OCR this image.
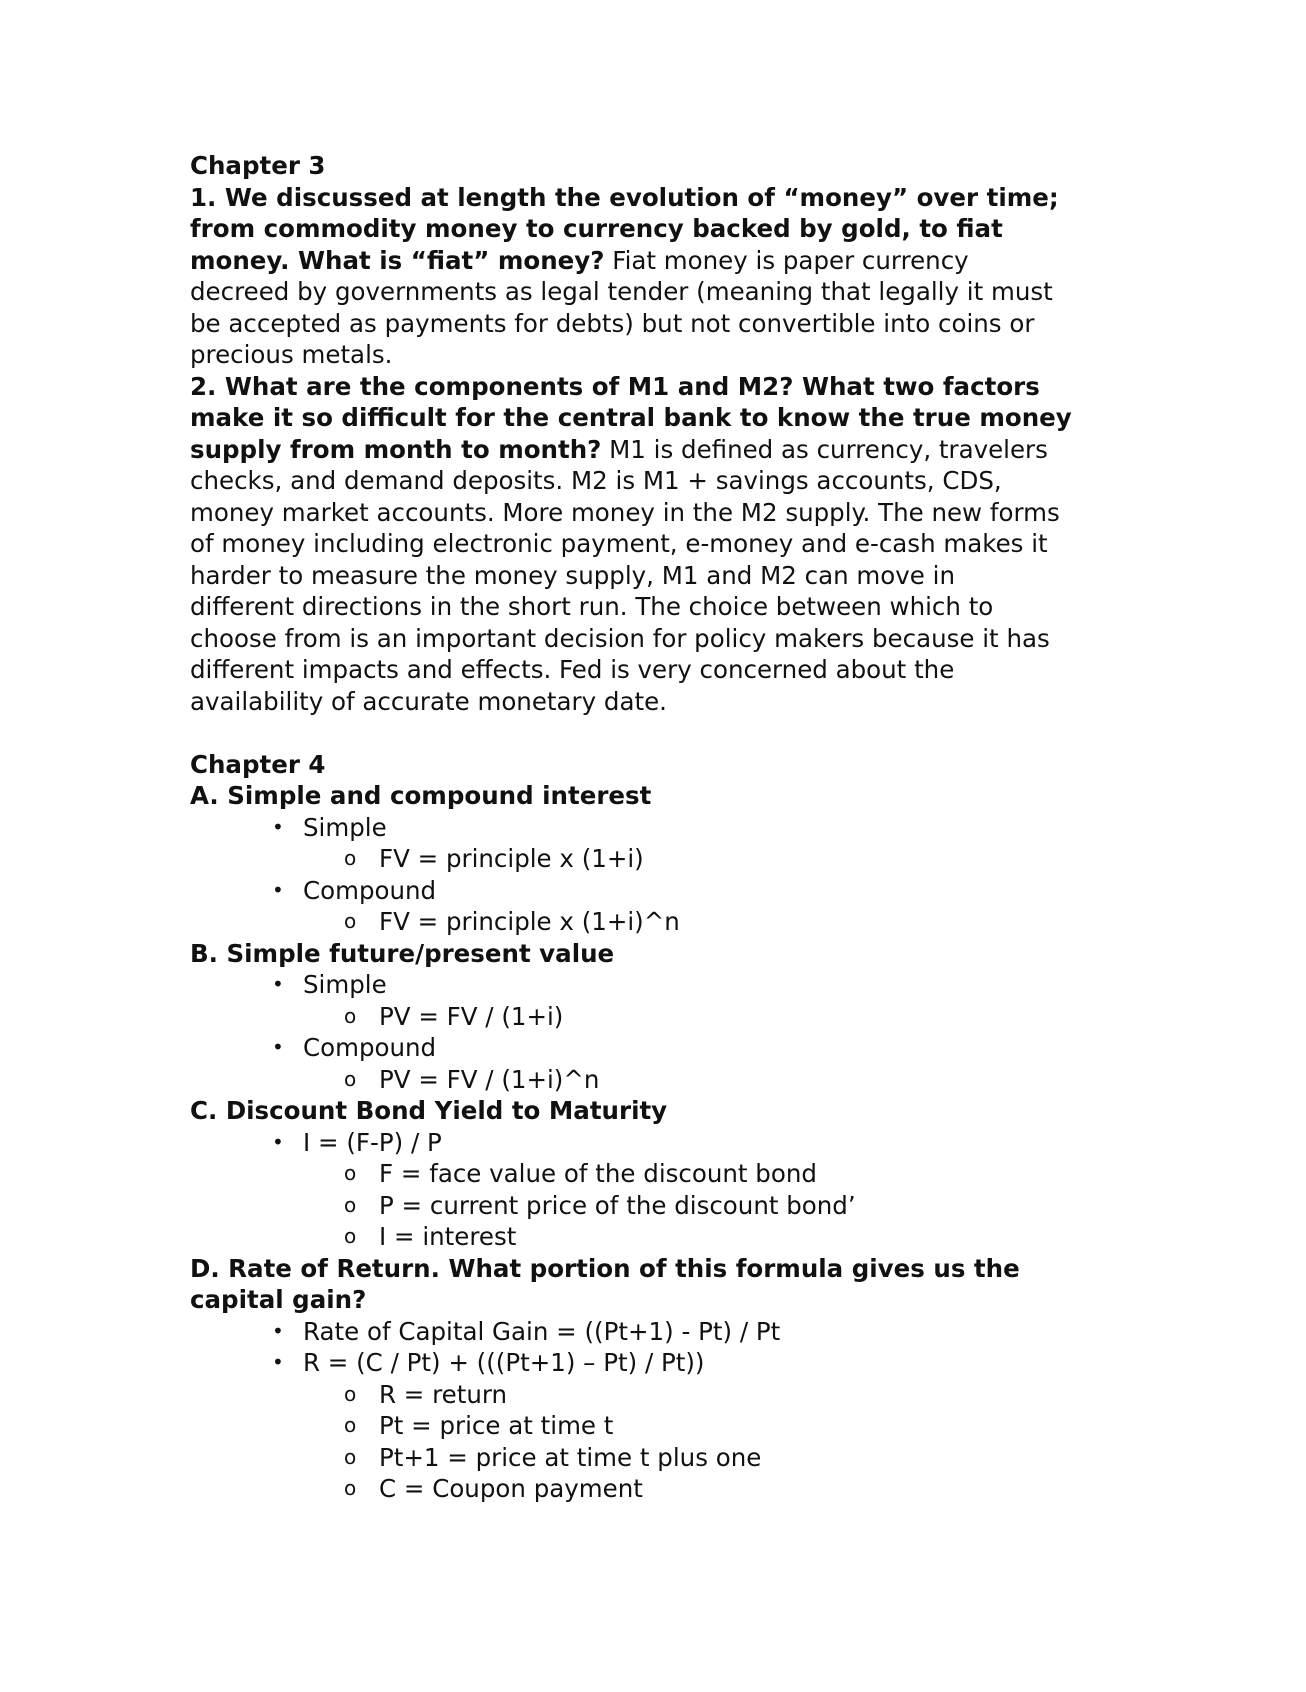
Chapter 3
1. We discussed at length the evolution of “money” over time;
from commodity money to currency backed by gold, to fiat
money. What is “fiat” money? Fiat money is paper currency
decreed by governments as legal tender (meaning that legally it must
be accepted as payments for debts) but not convertible into coins or
precious metals.
2. What are the components of M1 and M2? What two factors
make it so difficult for the central bank to know the true money
supply from month to month? M1 is defined as currency, travelers
checks, and demand deposits. M2 is M1 + savings accounts, CDS,
money market accounts. More money in the M2 supply. The new forms
of money including electronic payment, e-money and e-cash makes it
harder to measure the money supply, M1 and M2 can move in
different directions in the short run. The choice between which to
choose from is an important decision for policy makers because it has
different impacts and effects. Fed is very concerned about the
availability of accurate monetary date.
Chapter 4
A. Simple and compound interest
• Simple
o FV = principle x (1+i)
• Compound
o FV = principle x (1+i)^n
B. Simple future/present value
• Simple
o PV = FV / (1+i)
• Compound
o PV = FV / (1+i)^n
C. Discount Bond Yield to Maturity
• I = (F-P) / P
o F = face value of the discount bond
o P = current price of the discount bond’
o I = interest
D. Rate of Return. What portion of this formula gives us the
capital gain?
• Rate of Capital Gain = ((Pt+1) - Pt) / Pt
• R = (C / Pt) + (((Pt+1) – Pt) / Pt))
o R = return
o Pt = price at time t
o Pt+1 = price at time t plus one
o C = Coupon payment
